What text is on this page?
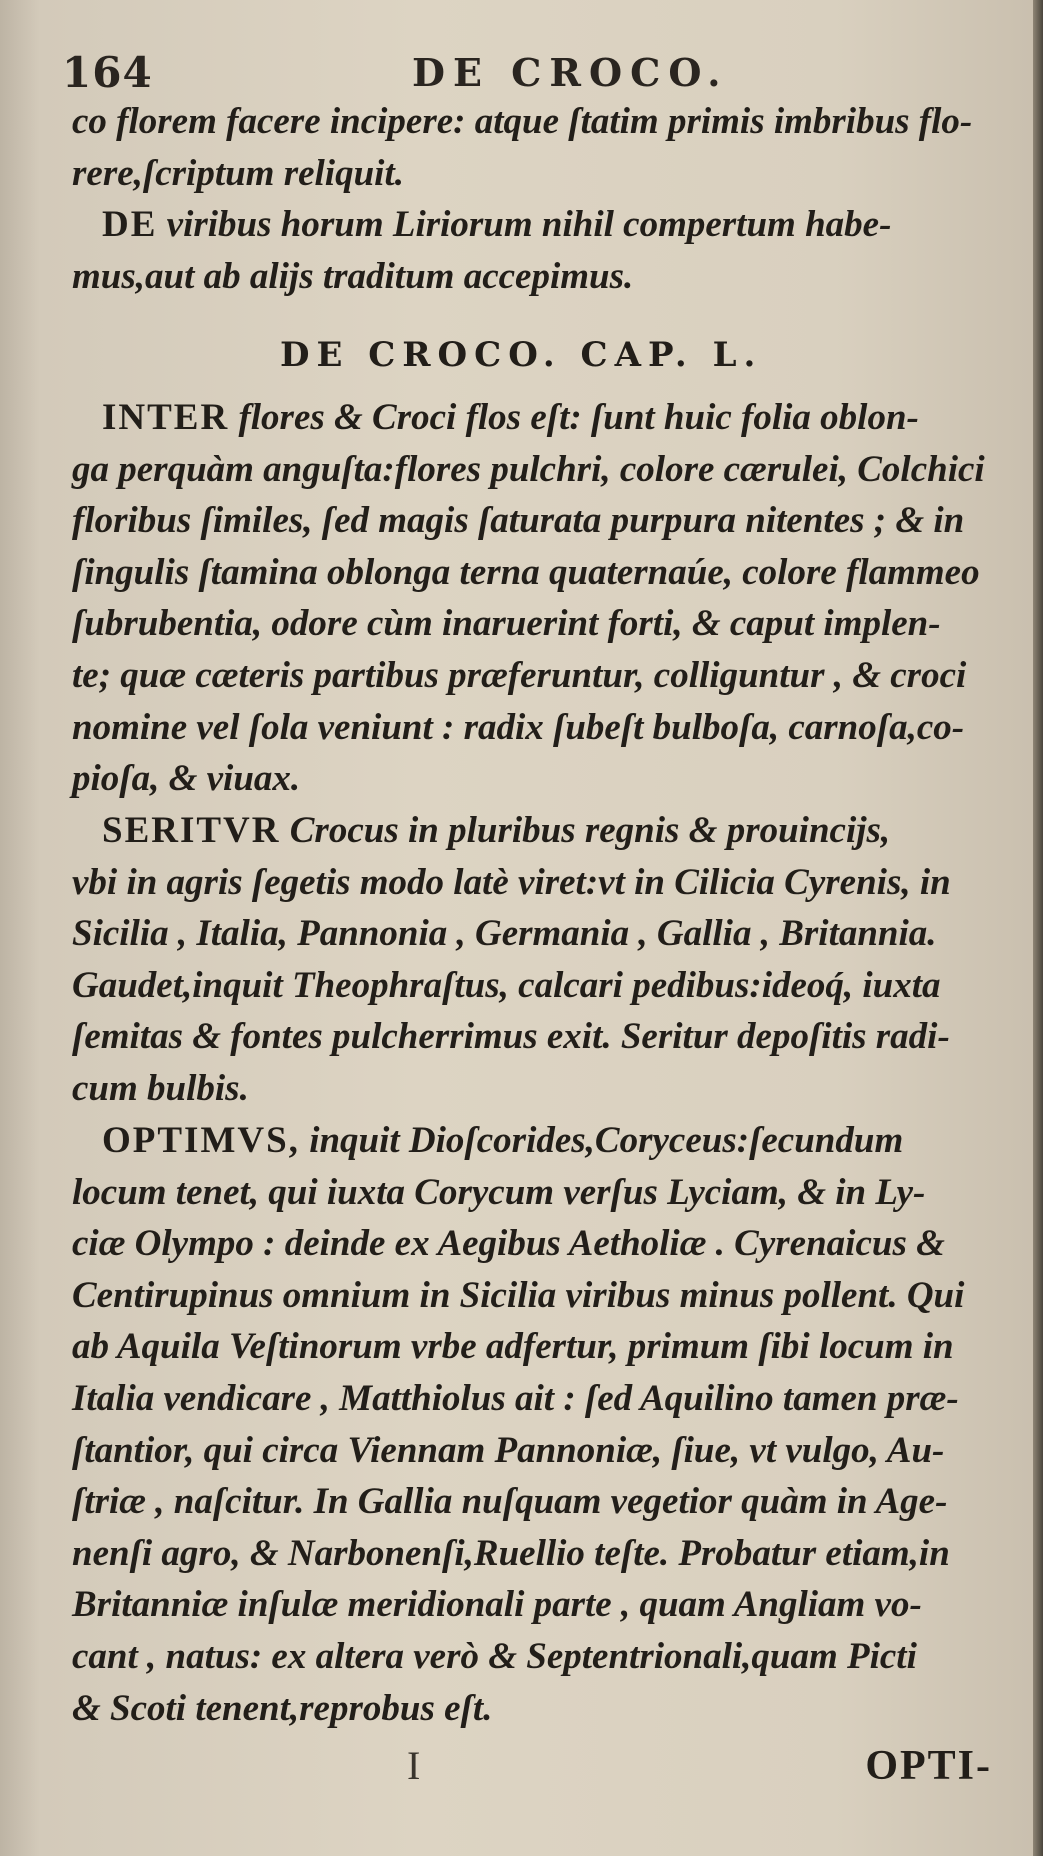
164	DE CROCO.
co florem facere incipere: atque ſtatim primis imbribus flo-
rere,ſcriptum reliquit.
DE viribus horum Liriorum nihil compertum habe-
mus,aut ab alijs traditum accepimus.
DE CROCO. CAP. L.
INTER flores & Croci flos eſt: ſunt huic folia oblon-
ga perquàm anguſta:flores pulchri, colore cærulei, Colchici
floribus ſimiles, ſed magis ſaturata purpura nitentes ; & in
ſingulis ſtamina oblonga terna quaternaúe, colore flammeo
ſubrubentia, odore cùm inaruerint forti, & caput implen-
te; quæ cæteris partibus præferuntur, colliguntur , & croci
nomine vel ſola veniunt : radix ſubeſt bulboſa, carnoſa,co-
pioſa, & viuax.
SERITVR Crocus in pluribus regnis & prouincijs,
vbi in agris ſegetis modo latè viret:vt in Cilicia Cyrenis, in
Sicilia , Italia, Pannonia , Germania , Gallia , Britannia.
Gaudet,inquit Theophraſtus, calcari pedibus:ideoq́, iuxta
ſemitas & fontes pulcherrimus exit. Seritur depoſitis radi-
cum bulbis.
OPTIMVS, inquit Dioſcorides,Coryceus:ſecundum
locum tenet, qui iuxta Corycum verſus Lyciam, & in Ly-
ciæ Olympo : deinde ex Aegibus Aetholiæ . Cyrenaicus &
Centirupinus omnium in Sicilia viribus minus pollent. Qui
ab Aquila Veſtinorum vrbe adfertur, primum ſibi locum in
Italia vendicare , Matthiolus ait : ſed Aquilino tamen præ-
ſtantior, qui circa Viennam Pannoniæ, ſiue, vt vulgo, Au-
ſtriæ , naſcitur. In Gallia nuſquam vegetior quàm in Age-
nenſi agro, & Narbonenſi,Ruellio teſte. Probatur etiam,in
Britanniæ inſulæ meridionali parte , quam Angliam vo-
cant , natus: ex altera verò & Septentrionali,quam Picti
& Scoti tenent,reprobus eſt.
I	OPTI-
